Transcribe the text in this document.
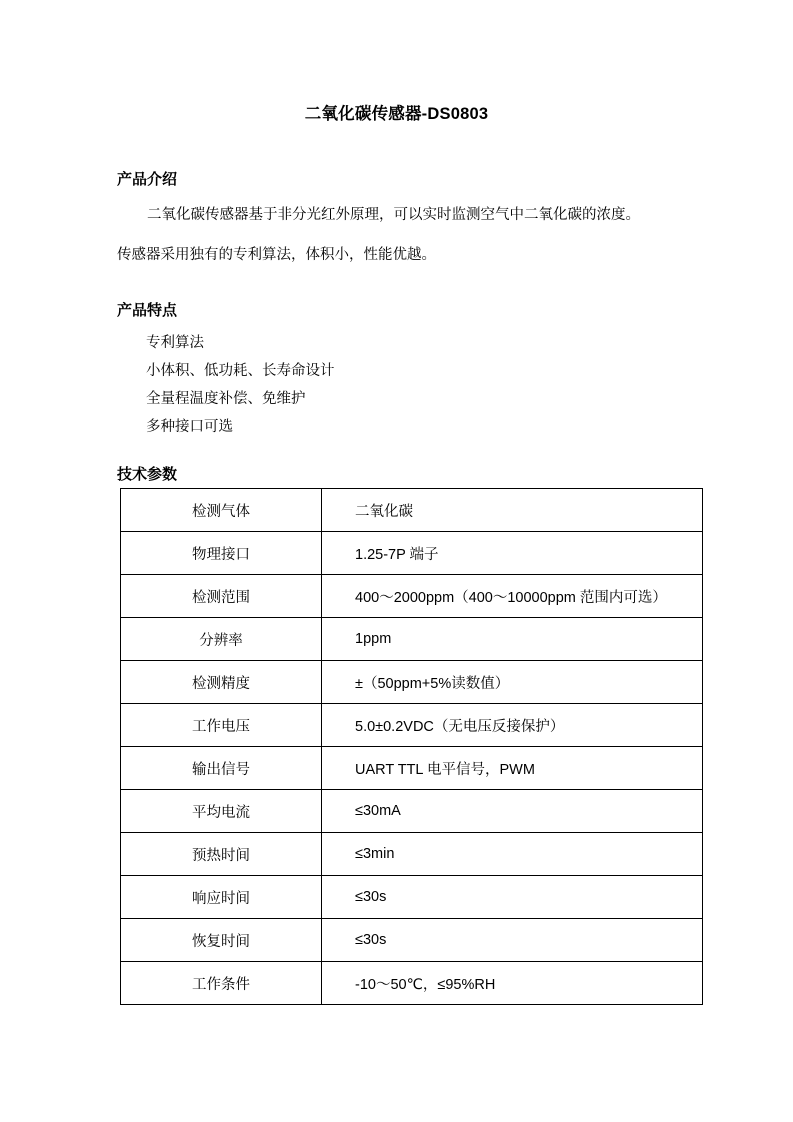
二氧化碳传感器-DS0803
产品介绍
二氧化碳传感器基于非分光红外原理，可以实时监测空气中二氧化碳的浓度。
传感器采用独有的专利算法，体积小，性能优越。
产品特点
专利算法
小体积、低功耗、长寿命设计
全量程温度补偿、免维护
多种接口可选
技术参数
检测气体	二氧化碳
物理接口	1.25-7P 端子
检测范围	400～2000ppm（400～10000ppm 范围内可选）
分辨率	1ppm
检测精度	±（50ppm+5%读数值）
工作电压	5.0±0.2VDC（无电压反接保护）
输出信号	UART TTL 电平信号，PWM
平均电流	≤30mA
预热时间	≤3min
响应时间	≤30s
恢复时间	≤30s
工作条件	-10～50℃，≤95%RH
